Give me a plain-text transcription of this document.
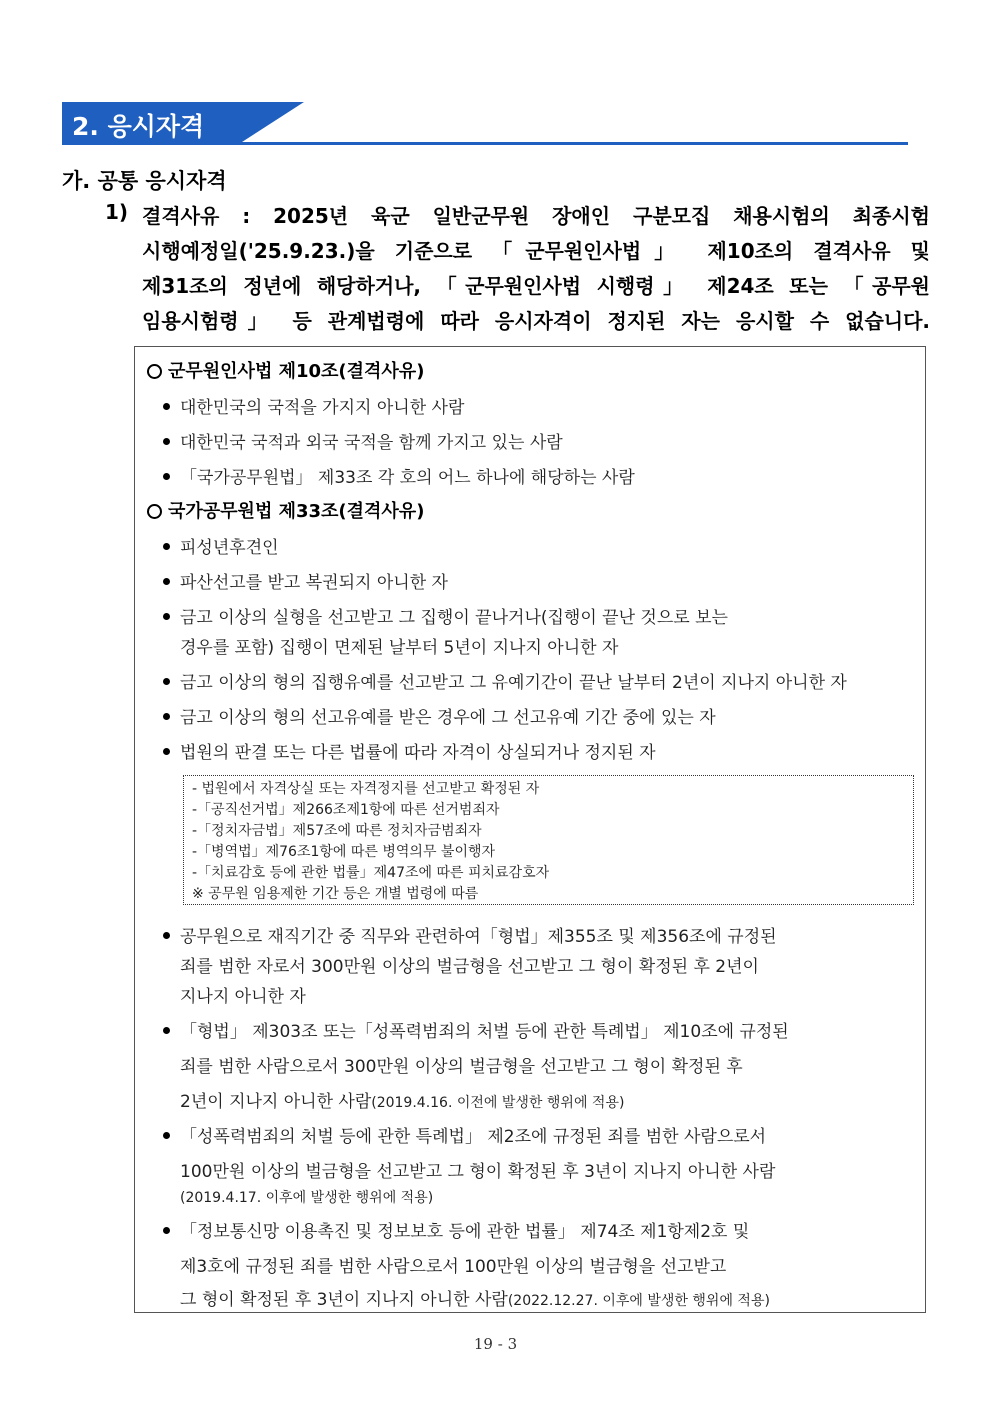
2. 응시자격
가. 공통 응시자격
1) 결격사유 : 2025년 육군 일반군무원 장애인 구분모집 채용시험의 최종시험
시행예정일('25.9.23.)을 기준으로 「군무원인사법」 제10조의 결격사유 및
제31조의 정년에 해당하거나, 「군무원인사법 시행령」 제24조 또는 「공무원
임용시험령」 등 관계법령에 따라 응시자격이 정지된 자는 응시할 수 없습니다.
군무원인사법 제10조(결격사유)
대한민국의 국적을 가지지 아니한 사람
대한민국 국적과 외국 국적을 함께 가지고 있는 사람
「국가공무원법」 제33조 각 호의 어느 하나에 해당하는 사람
국가공무원법 제33조(결격사유)
피성년후견인
파산선고를 받고 복권되지 아니한 자
금고 이상의 실형을 선고받고 그 집행이 끝나거나(집행이 끝난 것으로 보는
경우를 포함) 집행이 면제된 날부터 5년이 지나지 아니한 자
금고 이상의 형의 집행유예를 선고받고 그 유예기간이 끝난 날부터 2년이 지나지 아니한 자
금고 이상의 형의 선고유예를 받은 경우에 그 선고유예 기간 중에 있는 자
법원의 판결 또는 다른 법률에 따라 자격이 상실되거나 정지된 자
- 법원에서 자격상실 또는 자격정지를 선고받고 확정된 자
-「공직선거법」제266조제1항에 따른 선거범죄자
-「정치자금법」제57조에 따른 정치자금범죄자
-「병역법」제76조1항에 따른 병역의무 불이행자
-「치료감호 등에 관한 법률」제47조에 따른 피치료감호자
※ 공무원 임용제한 기간 등은 개별 법령에 따름
공무원으로 재직기간 중 직무와 관련하여「형법」제355조 및 제356조에 규정된
죄를 범한 자로서 300만원 이상의 벌금형을 선고받고 그 형이 확정된 후 2년이
지나지 아니한 자
「형법」 제303조 또는「성폭력범죄의 처벌 등에 관한 특례법」 제10조에 규정된
죄를 범한 사람으로서 300만원 이상의 벌금형을 선고받고 그 형이 확정된 후
2년이 지나지 아니한 사람(2019.4.16. 이전에 발생한 행위에 적용)
「성폭력범죄의 처벌 등에 관한 특례법」 제2조에 규정된 죄를 범한 사람으로서
100만원 이상의 벌금형을 선고받고 그 형이 확정된 후 3년이 지나지 아니한 사람
(2019.4.17. 이후에 발생한 행위에 적용)
「정보통신망 이용촉진 및 정보보호 등에 관한 법률」 제74조 제1항제2호 및
제3호에 규정된 죄를 범한 사람으로서 100만원 이상의 벌금형을 선고받고
그 형이 확정된 후 3년이 지나지 아니한 사람(2022.12.27. 이후에 발생한 행위에 적용)
19 - 3
